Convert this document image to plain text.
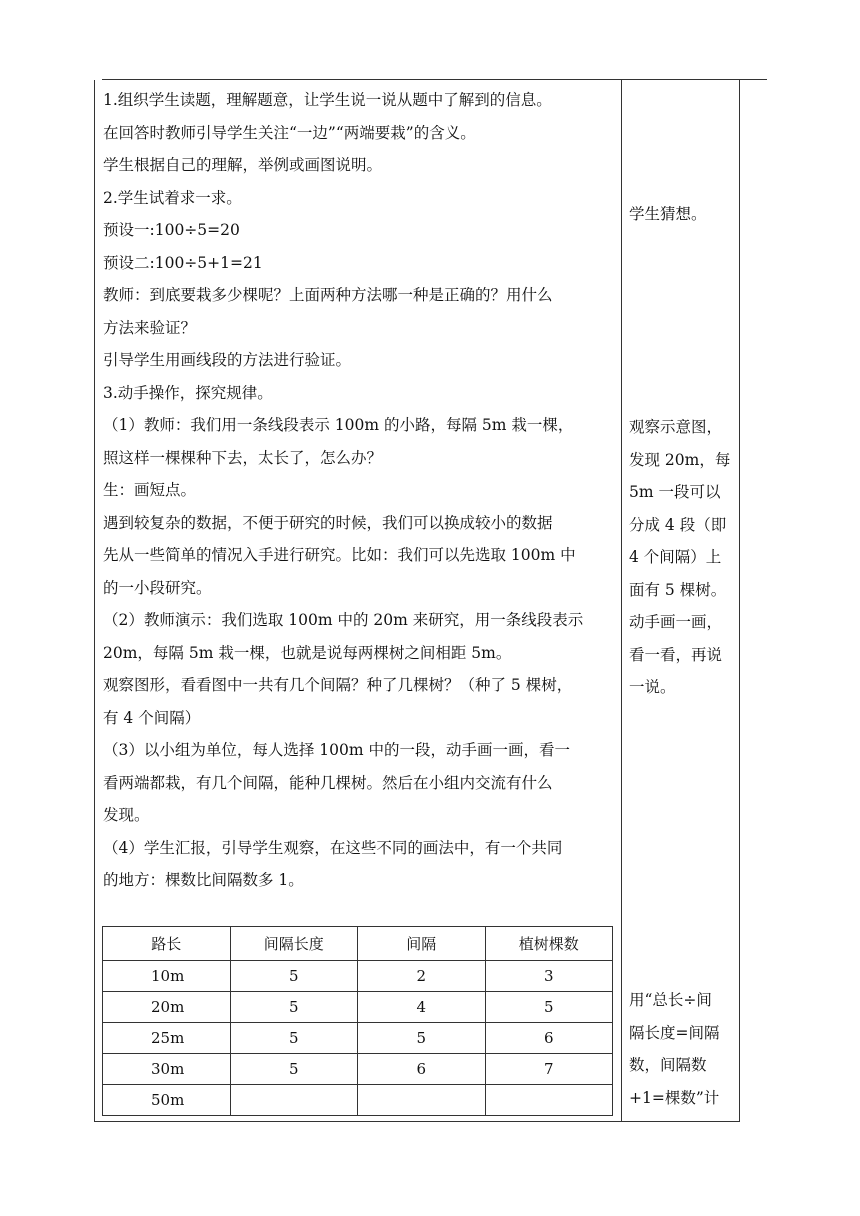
1.组织学生读题，理解题意，让学生说一说从题中了解到的信息。

在回答时教师引导学生关注“一边”“两端要栽”的含义。

学生根据自己的理解，举例或画图说明。

2.学生试着求一求。

预设一:100÷5=20

预设二:100÷5+1=21

教师：到底要栽多少棵呢？上面两种方法哪一种是正确的？用什么

方法来验证？

引导学生用画线段的方法进行验证。

3.动手操作，探究规律。

（1）教师：我们用一条线段表示 100m 的小路，每隔 5m 栽一棵，

照这样一棵棵种下去，太长了，怎么办？

生：画短点。

遇到较复杂的数据，不便于研究的时候，我们可以换成较小的数据

先从一些简单的情况入手进行研究。比如：我们可以先选取 100m 中

的一小段研究。

（2）教师演示：我们选取 100m 中的 20m 来研究，用一条线段表示

20m，每隔 5m 栽一棵，也就是说每两棵树之间相距 5m。

观察图形，看看图中一共有几个间隔？种了几棵树？（种了 5 棵树，

有 4 个间隔）

（3）以小组为单位，每人选择 100m 中的一段，动手画一画，看一

看两端都栽，有几个间隔，能种几棵树。然后在小组内交流有什么

发现。

（4）学生汇报，引导学生观察，在这些不同的画法中，有一个共同

的地方：棵数比间隔数多 1。

学生猜想。

观察示意图，

发现 20m，每

5m 一段可以

分成 4 段（即

4 个间隔）上

面有 5 棵树。

动手画一画，

看一看，再说

一说。

用“总长÷间

隔长度=间隔

数，间隔数

+1=棵数”计

路长	间隔长度	间隔	植树棵数
10m	5	2	3
20m	5	4	5
25m	5	5	6
30m	5	6	7
50m			
